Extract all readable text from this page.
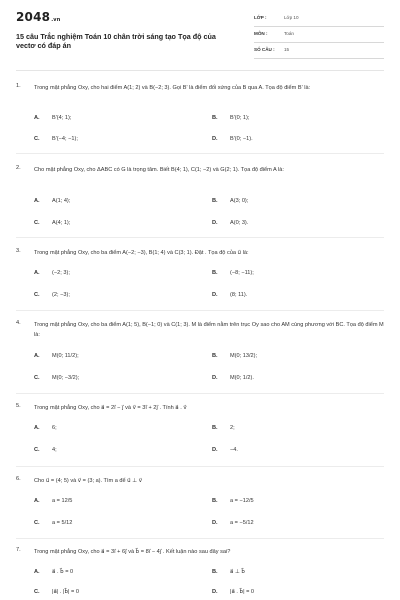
2048.vn
15 câu Trắc nghiệm Toán 10 chân trời sáng tạo Tọa độ của vectơ có đáp án
LỚP :	Lớp 10
MÔN :	Toán
SỐ CÂU : 15
1. Trong mặt phẳng Oxy, cho hai điểm A(1; 2) và B(−2; 3). Gọi B' là điểm đối xứng của B qua A. Tọa độ điểm B' là:
A. B'(4; 1);	B. B'(0; 1);
C. B'(−4; −1);	D. B'(0; −1).
2. Cho mặt phẳng Oxy, cho ΔABC có G là trọng tâm. Biết B(4; 1), C(1; −2) và G(2; 1). Tọa độ điểm A là:
A. A(1; 4);	B. A(3; 0);
C. A(4; 1);	D. A(0; 3).
3. Trong mặt phẳng Oxy, cho ba điểm A(−2; −3), B(1; 4) và C(3; 1). Đặt . Tọa độ của u⃗ là:
A. (−2; 3);	B. (−8; −11);
C. (2; −3);	D. (8; 11).
4. Trong mặt phẳng Oxy, cho ba điểm A(1; 5), B(−1; 0) và C(1; 3). M là điểm nằm trên trục Oy sao cho AM cùng phương với BC. Tọa độ điểm M là:
A. M(0; 11/2);	B. M(0; 13/2);
C. M(0; −3/2);	D. M(0; 1/2).
5. Trong mặt phẳng Oxy, cho a⃗ = 2i⃗ − j⃗ và v⃗ = 3i⃗ + 2j⃗ . Tính a⃗ . v⃗
A. 6;	B. 2;
C. 4;	D. −4.
6. Cho u⃗ = (4; 5) và v⃗ = (3; a). Tìm a để u⃗ ⊥ v⃗
A. a = 12/5	B. a = −12/5
C. a = 5/12	D. a = −5/12
7. Trong mặt phẳng Oxy, cho a⃗ = 3i⃗ + 6j⃗ và b⃗ = 8i⃗ − 4j⃗ . Kết luận nào sau đây sai?
A. a⃗ . b⃗ = 0	B. a⃗ ⊥ b⃗
C. |a⃗| . |b⃗| = 0	D. |a⃗ . b⃗| = 0
